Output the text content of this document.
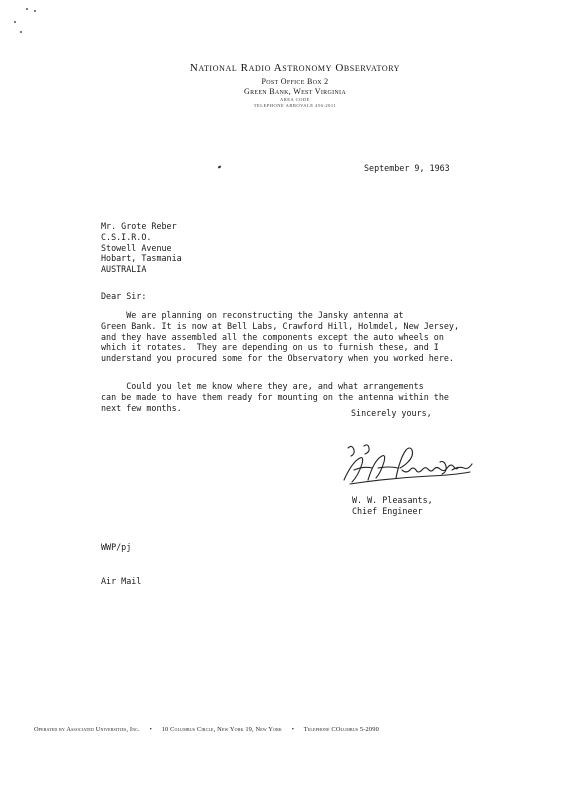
National Radio Astronomy Observatory
Post Office Box 2
Green Bank, West Virginia
AREA CODE
TELEPHONE ARBOVALE 456-2011
September 9, 1963
Mr. Grote Reber
C.S.I.R.O.
Stowell Avenue
Hobart, Tasmania
AUSTRALIA
Dear Sir:
We are planning on reconstructing the Jansky antenna at
Green Bank. It is now at Bell Labs, Crawford Hill, Holmdel, New Jersey,
and they have assembled all the components except the auto wheels on
which it rotates.  They are depending on us to furnish these, and I
understand you procured some for the Observatory when you worked here.
Could you let me know where they are, and what arrangements
can be made to have them ready for mounting on the antenna within the
next few months.
Sincerely yours,
W. W. Pleasants,
Chief Engineer
WWP/pj
Air Mail
Operated by Associated Universities, Inc. • 10 Columbus Circle, New York 19, New York • Telephone COlumbus 5-2090
